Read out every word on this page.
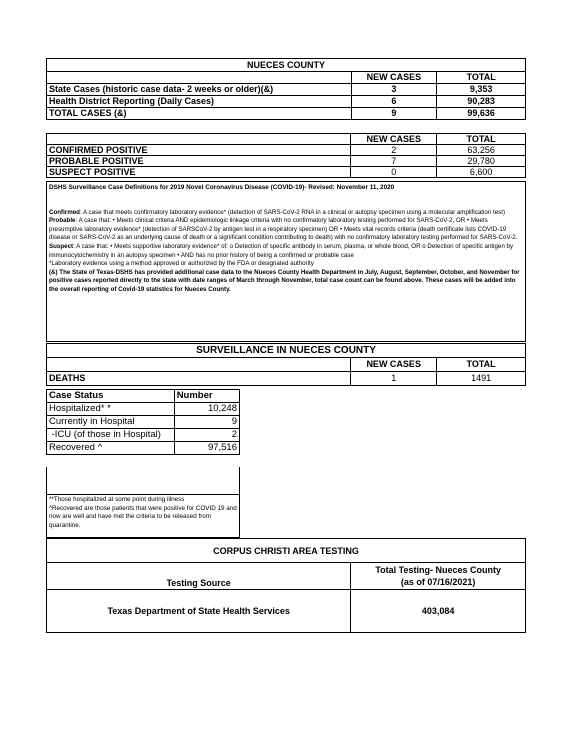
NUECES COUNTY		
	NEW CASES	TOTAL
State Cases (historic case data- 2 weeks or older)(&)	3	9,353
Health District Reporting (Daily Cases)	6	90,283
TOTAL CASES (&)	9	99,636
	NEW CASES	TOTAL
CONFIRMED POSITIVE	2	63,256
PROBABLE POSITIVE	7	29,780
SUSPECT POSITIVE	0	6,600
DSHS Surveillance Case Definitions for 2019 Novel Coronavirus Disease (COVID-19)- Revised: November 11, 2020

Confirmed: A case that meets confirmatory laboratory evidence* (detection of SARS-CoV-2 RNA in a clinical or autopsy specimen using a molecular amplification test)

Probable: A case that: • Meets clinical criteria AND epidemiologic linkage criteria with no confirmatory laboratory testing performed for SARS-CoV-2, OR • Meets presumptive laboratory evidence* (detection of SARSCoV-2 by antigen test in a respiratory specimen) OR • Meets vital records criteria (death certificate lists COVID-19 disease or SARS-CoV-2 as an underlying cause of death or a significant condition contributing to death) with no confirmatory laboratory testing performed for SARS-CoV-2.

Suspect: A case that: • Meets supportive laboratory evidence* of: o Detection of specific antibody in serum, plasma, or whole blood, OR o Detection of specific antigen by immunocytochemistry in an autopsy specimen • AND has no prior history of being a confirmed or probable case

*Laboratory evidence using a method approved or authorized by the FDA or designated authority

(&) The State of Texas-DSHS has provided additional case data to the Nueces County Health Department in July, August, September, October, and November for positive cases reported directly to the state with date ranges of March through November, total case count can be found above. These cases will be added into the overall reporting of Covid-19 statistics for Nueces County.

SURVEILLANCE IN NUECES COUNTY		
	NEW CASES	TOTAL
DEATHS	1	1491
Case Status	Number
Hospitalized* *	10,248
Currently in Hospital	9
-ICU (of those in Hospital)	2
Recovered ^	97,516
**Those hospitalized at some point during illness
^Recovered are those patients that were positive for COVID 19 and now are well and have met the criteria to be released from quarantine.
CORPUS CHRISTI AREA TESTING	
Testing Source	Total Testing- Nueces County
(as of 07/16/2021)

Texas Department of State Health Services	403,084
